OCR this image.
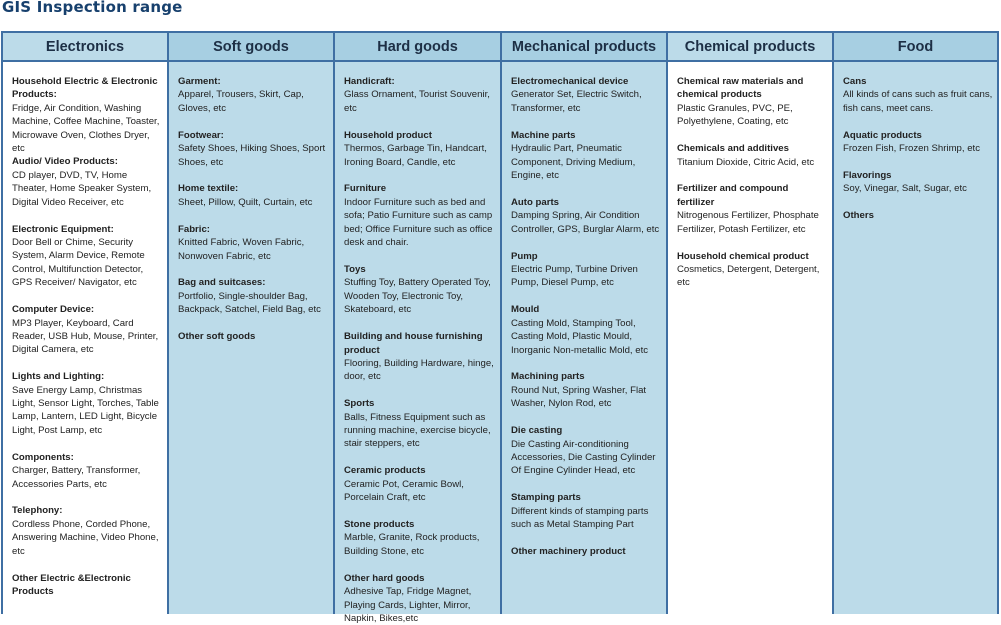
GIS Inspection range
Electronics

Household Electric & Electronic Products:

Fridge, Air Condition, Washing Machine, Coffee Machine, Toaster, Microwave Oven, Clothes Dryer, etc

Audio/ Video Products:

CD player, DVD, TV, Home Theater, Home Speaker System, Digital Video Receiver, etc

Electronic Equipment:

Door Bell or Chime, Security System, Alarm Device, Remote Control, Multifunction Detector, GPS Receiver/ Navigator, etc

Computer Device:

MP3 Player, Keyboard, Card Reader, USB Hub, Mouse, Printer, Digital Camera, etc

Lights and Lighting:

Save Energy Lamp, Christmas Light, Sensor Light, Torches, Table Lamp, Lantern, LED Light, Bicycle Light, Post Lamp, etc

Components:

Charger, Battery, Transformer, Accessories Parts, etc

Telephony:

Cordless Phone, Corded Phone, Answering Machine, Video Phone, etc

Other Electric &Electronic Products

Soft goods

Garment:

Apparel, Trousers, Skirt, Cap, Gloves, etc

Footwear:

Safety Shoes, Hiking Shoes, Sport Shoes, etc

Home textile:

Sheet, Pillow, Quilt, Curtain, etc

Fabric:

Knitted Fabric, Woven Fabric, Nonwoven Fabric, etc

Bag and suitcases:

Portfolio, Single-shoulder Bag, Backpack, Satchel, Field Bag, etc

Other soft goods

Hard goods

Handicraft:

Glass Ornament, Tourist Souvenir, etc

Household product

Thermos, Garbage Tin, Handcart, Ironing Board, Candle, etc

Furniture

Indoor Furniture such as bed and sofa; Patio Furniture such as camp bed; Office Furniture such as office desk and chair.

Toys

Stuffing Toy, Battery Operated Toy, Wooden Toy, Electronic Toy, Skateboard, etc

Building and house furnishing product

Flooring, Building Hardware, hinge, door, etc

Sports

Balls, Fitness Equipment such as running machine, exercise bicycle, stair steppers, etc

Ceramic products

Ceramic Pot, Ceramic Bowl, Porcelain Craft, etc

Stone products

Marble, Granite, Rock products, Building Stone, etc

Other hard goods

Adhesive Tap, Fridge Magnet, Playing Cards, Lighter, Mirror, Napkin, Bikes,etc

Mechanical products

Electromechanical device

Generator Set, Electric Switch, Transformer, etc

Machine parts

Hydraulic Part, Pneumatic Component, Driving Medium, Engine, etc

Auto parts

Damping Spring, Air Condition Controller, GPS, Burglar Alarm, etc

Pump

Electric Pump, Turbine Driven Pump, Diesel Pump, etc

Mould

Casting Mold, Stamping Tool, Casting Mold, Plastic Mould, Inorganic Non-metallic Mold, etc

Machining parts

Round Nut, Spring Washer, Flat Washer, Nylon Rod, etc

Die casting

Die Casting Air-conditioning Accessories, Die Casting Cylinder Of Engine Cylinder Head, etc

Stamping parts

Different kinds of stamping parts such as Metal Stamping Part

Other machinery product

Chemical products

Chemical raw materials and chemical products

Plastic Granules, PVC, PE, Polyethylene, Coating, etc

Chemicals and additives

Titanium Dioxide, Citric Acid, etc

Fertilizer and compound fertilizer

Nitrogenous Fertilizer, Phosphate Fertilizer, Potash Fertilizer, etc

Household chemical product

Cosmetics, Detergent, Detergent, etc

Food

Cans

All kinds of cans such as fruit cans, fish cans, meet cans.

Aquatic products

Frozen Fish, Frozen Shrimp, etc

Flavorings

Soy, Vinegar, Salt, Sugar, etc

Others
